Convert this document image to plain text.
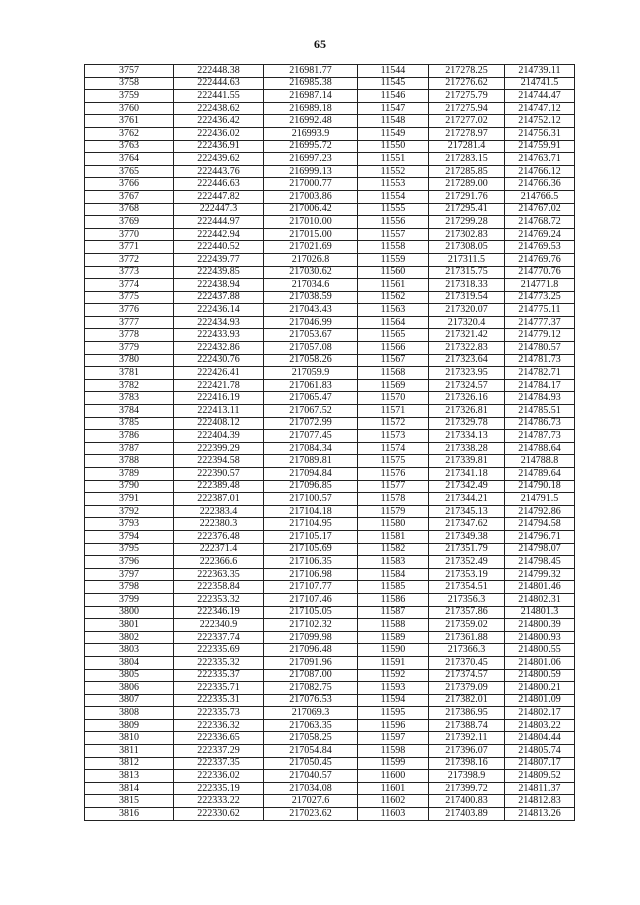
65
3757	222448.38	216981.77	11544	217278.25	214739.11
3758	222444.63	216985.38	11545	217276.62	214741.5
3759	222441.55	216987.14	11546	217275.79	214744.47
3760	222438.62	216989.18	11547	217275.94	214747.12
3761	222436.42	216992.48	11548	217277.02	214752.12
3762	222436.02	216993.9	11549	217278.97	214756.31
3763	222436.91	216995.72	11550	217281.4	214759.91
3764	222439.62	216997.23	11551	217283.15	214763.71
3765	222443.76	216999.13	11552	217285.85	214766.12
3766	222446.63	217000.77	11553	217289.00	214766.36
3767	222447.82	217003.86	11554	217291.76	214766.5
3768	222447.3	217006.42	11555	217295.41	214767.02
3769	222444.97	217010.00	11556	217299.28	214768.72
3770	222442.94	217015.00	11557	217302.83	214769.24
3771	222440.52	217021.69	11558	217308.05	214769.53
3772	222439.77	217026.8	11559	217311.5	214769.76
3773	222439.85	217030.62	11560	217315.75	214770.76
3774	222438.94	217034.6	11561	217318.33	214771.8
3775	222437.88	217038.59	11562	217319.54	214773.25
3776	222436.14	217043.43	11563	217320.07	214775.11
3777	222434.93	217046.99	11564	217320.4	214777.37
3778	222433.93	217053.67	11565	217321.42	214779.12
3779	222432.86	217057.08	11566	217322.83	214780.57
3780	222430.76	217058.26	11567	217323.64	214781.73
3781	222426.41	217059.9	11568	217323.95	214782.71
3782	222421.78	217061.83	11569	217324.57	214784.17
3783	222416.19	217065.47	11570	217326.16	214784.93
3784	222413.11	217067.52	11571	217326.81	214785.51
3785	222408.12	217072.99	11572	217329.78	214786.73
3786	222404.39	217077.45	11573	217334.13	214787.73
3787	222399.29	217084.34	11574	217338.28	214788.64
3788	222394.58	217089.81	11575	217339.81	214788.8
3789	222390.57	217094.84	11576	217341.18	214789.64
3790	222389.48	217096.85	11577	217342.49	214790.18
3791	222387.01	217100.57	11578	217344.21	214791.5
3792	222383.4	217104.18	11579	217345.13	214792.86
3793	222380.3	217104.95	11580	217347.62	214794.58
3794	222376.48	217105.17	11581	217349.38	214796.71
3795	222371.4	217105.69	11582	217351.79	214798.07
3796	222366.6	217106.35	11583	217352.49	214798.45
3797	222363.35	217106.98	11584	217353.19	214799.32
3798	222358.84	217107.77	11585	217354.51	214801.46
3799	222353.32	217107.46	11586	217356.3	214802.31
3800	222346.19	217105.05	11587	217357.86	214801.3
3801	222340.9	217102.32	11588	217359.02	214800.39
3802	222337.74	217099.98	11589	217361.88	214800.93
3803	222335.69	217096.48	11590	217366.3	214800.55
3804	222335.32	217091.96	11591	217370.45	214801.06
3805	222335.37	217087.00	11592	217374.57	214800.59
3806	222335.71	217082.75	11593	217379.09	214800.21
3807	222335.31	217076.53	11594	217382.01	214801.09
3808	222335.73	217069.3	11595	217386.95	214802.17
3809	222336.32	217063.35	11596	217388.74	214803.22
3810	222336.65	217058.25	11597	217392.11	214804.44
3811	222337.29	217054.84	11598	217396.07	214805.74
3812	222337.35	217050.45	11599	217398.16	214807.17
3813	222336.02	217040.57	11600	217398.9	214809.52
3814	222335.19	217034.08	11601	217399.72	214811.37
3815	222333.22	217027.6	11602	217400.83	214812.83
3816	222330.62	217023.62	11603	217403.89	214813.26
